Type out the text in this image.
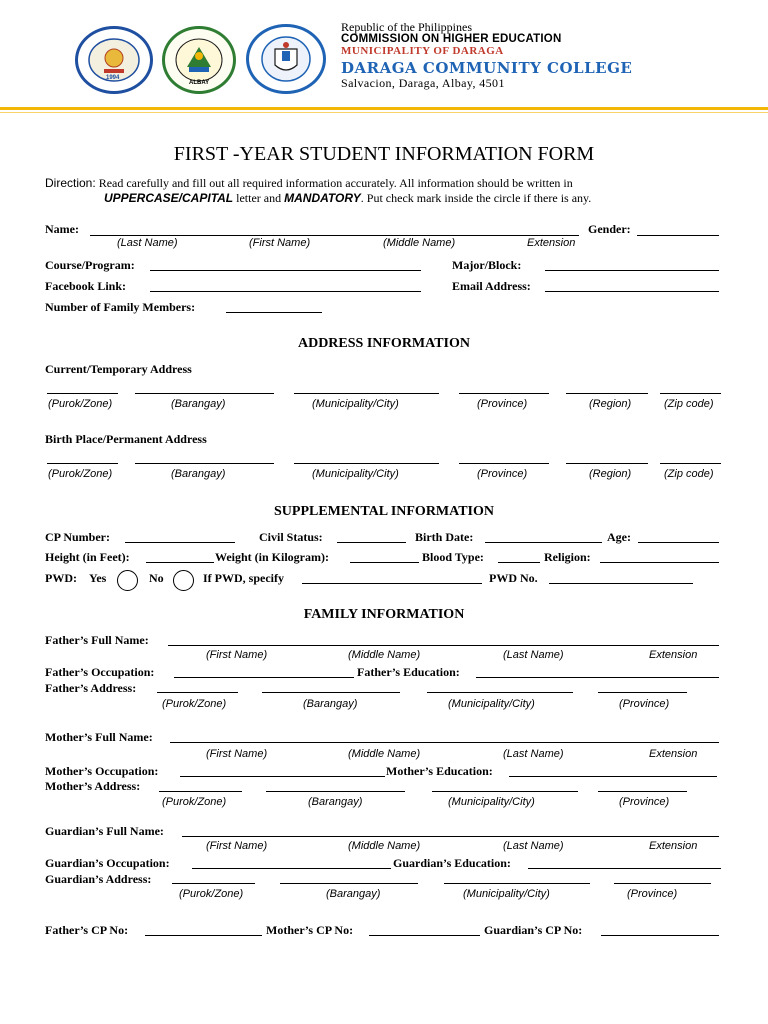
1994
ALBAY
Republic of the Philippines
COMMISSION ON HIGHER EDUCATION
MUNICIPALITY OF DARAGA
DARAGA COMMUNITY COLLEGE
Salvacion, Daraga, Albay, 4501
FIRST -YEAR STUDENT INFORMATION FORM
Direction: Read carefully and fill out all required information accurately. All information should be written in
UPPERCASE/CAPITAL letter and MANDATORY. Put check mark inside the circle if there is any.
Name:	Gender:
(Last Name)	(First Name)	(Middle Name)	Extension
Course/Program:	Major/Block:
Facebook Link:	Email Address:
Number of Family Members:
ADDRESS INFORMATION
Current/Temporary Address
(Purok/Zone)	(Barangay)	(Municipality/City)	(Province)	(Region)	(Zip code)
Birth Place/Permanent Address
(Purok/Zone)	(Barangay)	(Municipality/City)	(Province)	(Region)	(Zip code)
SUPPLEMENTAL INFORMATION
CP Number:	Civil Status:	Birth Date:	Age:
Height (in Feet):	Weight (in Kilogram):	Blood Type:	Religion:
PWD: Yes	No	If PWD, specify	PWD No.
FAMILY INFORMATION
Father’s Full Name:
(First Name)	(Middle Name)	(Last Name)	Extension
Father’s Occupation:	Father’s Education:
Father’s Address:
(Purok/Zone)	(Barangay)	(Municipality/City)	(Province)
Mother’s Full Name:
(First Name)	(Middle Name)	(Last Name)	Extension
Mother’s Occupation:	Mother’s Education:
Mother’s Address:
(Purok/Zone)	(Barangay)	(Municipality/City)	(Province)
Guardian’s Full Name:
(First Name)	(Middle Name)	(Last Name)	Extension
Guardian’s Occupation:	Guardian’s Education:
Guardian’s Address:
(Purok/Zone)	(Barangay)	(Municipality/City)	(Province)
Father’s CP No:	Mother’s CP No:	Guardian’s CP No:
